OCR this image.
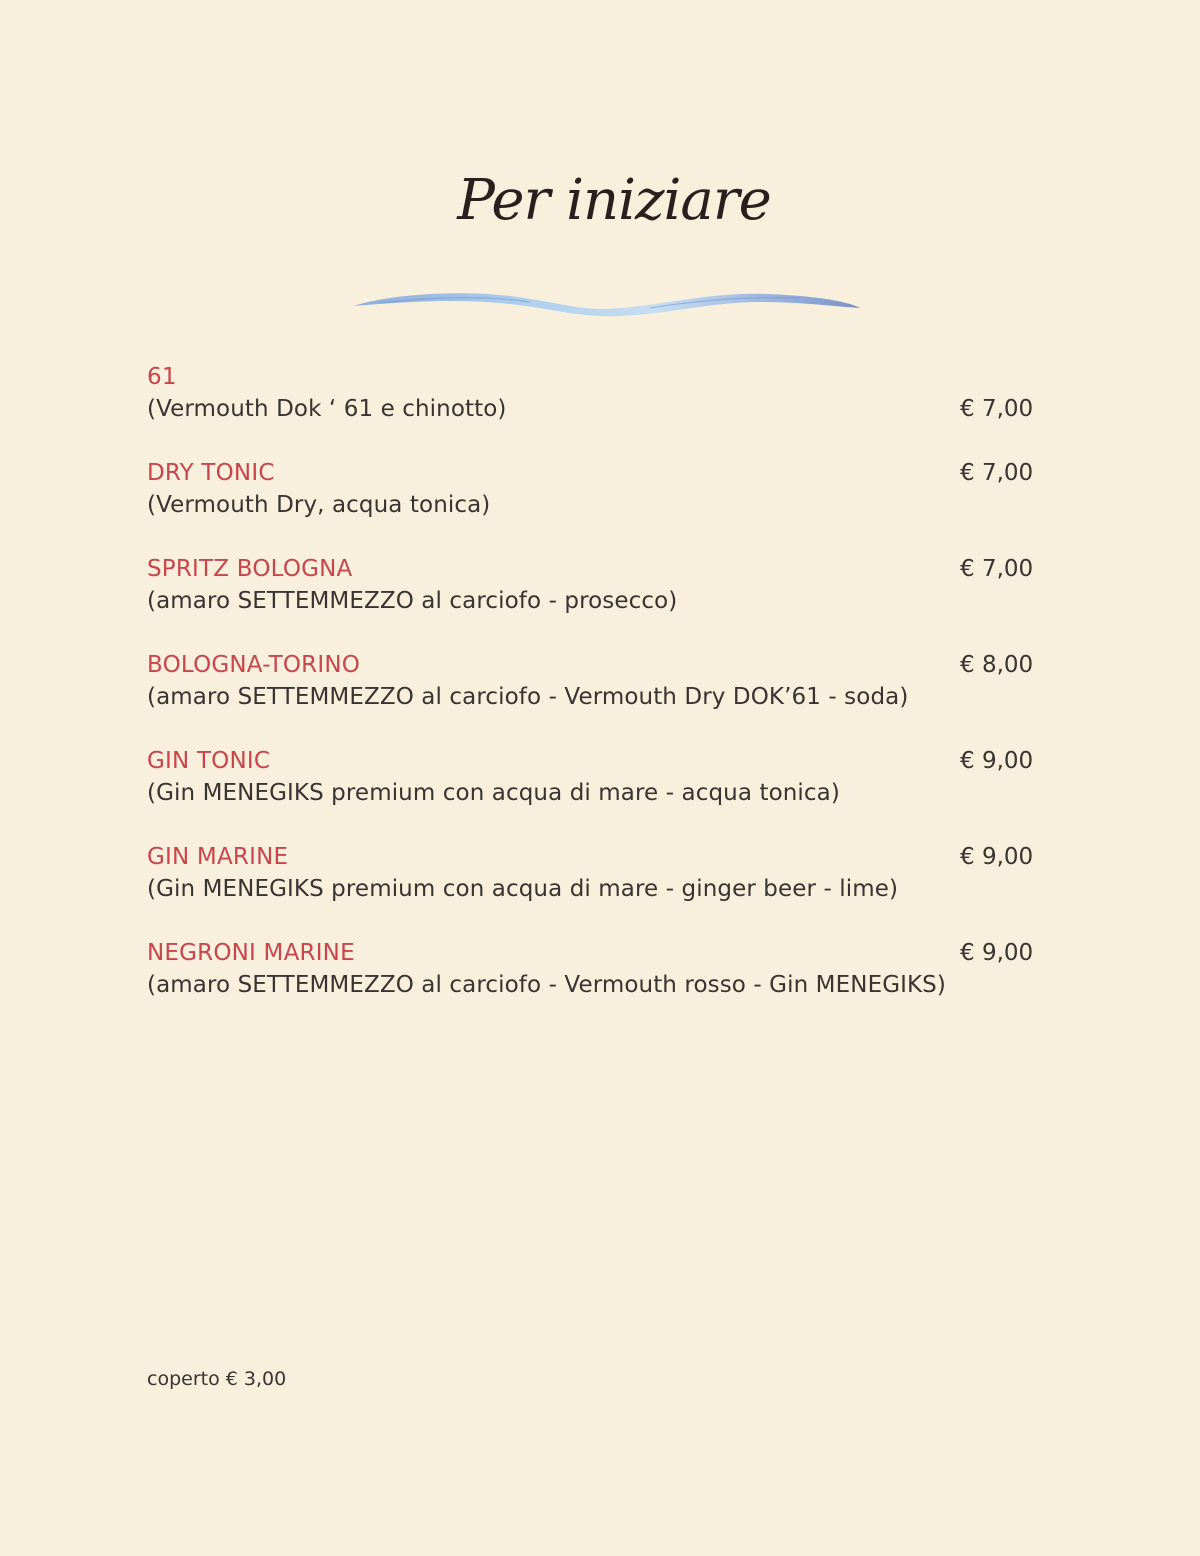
Per iniziare
61
(Vermouth Dok ‘ 61 e chinotto)	€ 7,00
DRY TONIC
(Vermouth Dry, acqua tonica)
€ 7,00
SPRITZ BOLOGNA
(amaro SETTEMMEZZO al carciofo - prosecco)
€ 7,00
BOLOGNA-TORINO
(amaro SETTEMMEZZO al carciofo - Vermouth Dry DOK’61 - soda)
€ 8,00
GIN TONIC
(Gin MENEGIKS premium con acqua di mare - acqua tonica)
€ 9,00
GIN MARINE
(Gin MENEGIKS premium con acqua di mare - ginger beer - lime)
€ 9,00
NEGRONI MARINE
(amaro SETTEMMEZZO al carciofo - Vermouth rosso - Gin MENEGIKS)
€ 9,00
coperto € 3,00
